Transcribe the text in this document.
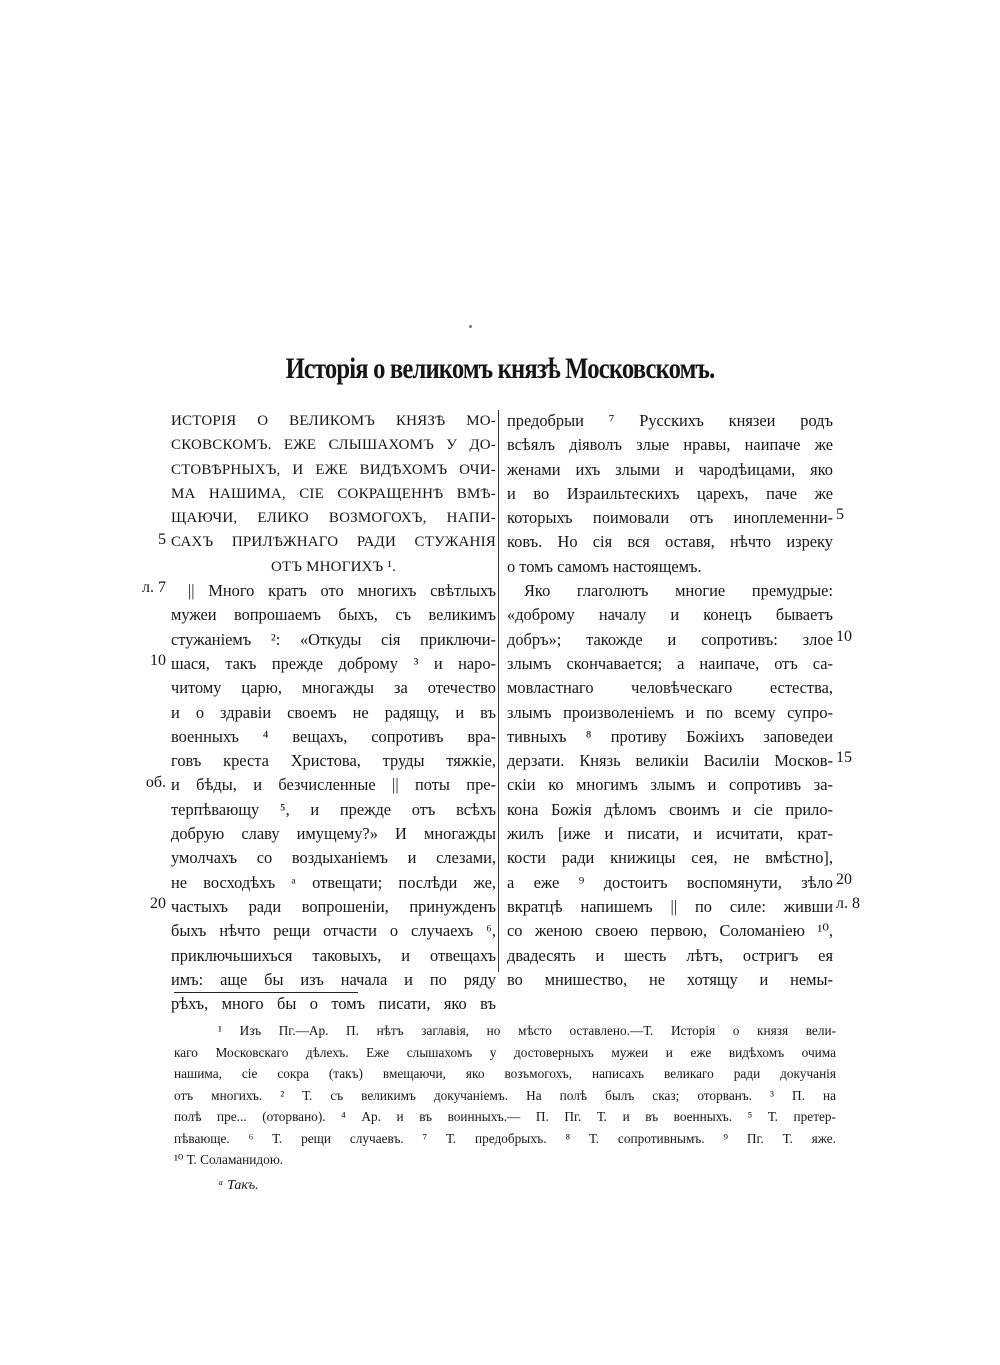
Исторія о великомъ князѣ Московскомъ.
ИСТОРІЯ О ВЕЛИКОМЪ КНЯЗѢ МО-
СКОВСКОМЪ. ЕЖЕ СЛЫШАХОМЪ У ДО-
СТОВѢРНЫХЪ, И ЕЖЕ ВИДѢХОМЪ ОЧИ-
МА НАШИМА, СІЕ СОКРАЩЕННѢ ВМѢ-
ЩАЮЧИ, ЕЛИКО ВОЗМОГОХЪ, НАПИ-
САХЪ ПРИЛѢЖНАГО РАДИ СТУЖАНІЯ
ОТЪ МНОГИХЪ ¹.
|| Много кратъ ото многихъ свѣтлыхъ
мужеи вопрошаемъ быхъ, съ великимъ
стужаніемъ ²: «Откуды сія приключи-
шася, такъ прежде доброму ³ и наро-
читому царю, многажды за отечество
и о здравіи своемъ не радящу, и въ
военныхъ ⁴ вещахъ, сопротивъ вра-
говъ креста Христова, труды тяжкіе,
и бѣды, и безчисленные || поты пре-
терпѣвающу ⁵, и прежде отъ всѣхъ
добрую славу имущему?» И многажды
умолчахъ со воздыханіемъ и слезами,
не восходѣхъ ᵃ отвещати; послѣди же,
частыхъ ради вопрошеніи, принужденъ
быхъ нѣчто рещи отчасти о случаехъ ⁶,
приключьшихъся таковыхъ, и отвещахъ
имъ: аще бы изъ начала и по ряду
рѣхъ, много бы о томъ писати, яко въ
предобрыи ⁷ Русскихъ князеи родъ
всѣялъ діяволъ злые нравы, наипаче же
женами ихъ злыми и чародѣицами, яко
и во Израильтескихъ царехъ, паче же
которыхъ поимовали отъ иноплеменни-
ковъ. Но сія вся оставя, нѣчто изреку
о томъ самомъ настоящемъ.
Яко глаголютъ многие премудрые:
«доброму началу и конецъ бываетъ
добръ»; такожде и сопротивъ: злое
злымъ скончавается; а наипаче, отъ са-
мовластнаго человѣческаго естества,
злымъ произволеніемъ и по всему супро-
тивныхъ ⁸ противу Божіихъ заповедеи
дерзати. Князь великіи Василіи Москов-
скіи ко многимъ злымъ и сопротивъ за-
кона Божія дѣломъ своимъ и сіе прило-
жилъ [иже и писати, и исчитати, крат-
кости ради книжицы сея, не вмѣстно],
а еже ⁹ достоитъ воспомянути, зѣло
вкратцѣ напишемъ || по силе: живши
со женою своею первою, Соломаніею ¹⁰,
двадесять и шесть лѣтъ, остригъ ея
во мнишество, не хотящу и немы-
5
л. 7
10
об.
20
5
10
15
20
л. 8
¹ Изъ Пг.—Ар. П. нѣтъ заглавія, но мѣсто оставлено.—Т. Исторія о князя вели-
каго Московскаго дѣлехъ. Еже слышахомъ у достоверныхъ мужеи и еже видѣхомъ очима
нашима, сіе сокра (такъ) вмещаючи, яко возъмогохъ, написахъ великаго ради докучанія
отъ многихъ. ² Т. съ великимъ докучаніемъ. На полѣ былъ сказ; оторванъ. ³ П. на
полѣ пре... (оторвано). ⁴ Ар. и въ воинныхъ.— П. Пг. Т. и въ военныхъ. ⁵ Т. претер-
пѣвающе. ⁶ Т. рещи случаевъ. ⁷ Т. предобрыхъ. ⁸ Т. сопротивнымъ. ⁹ Пг. Т. яже.
¹⁰ Т. Соламанидою.
ᵃ Такъ.
